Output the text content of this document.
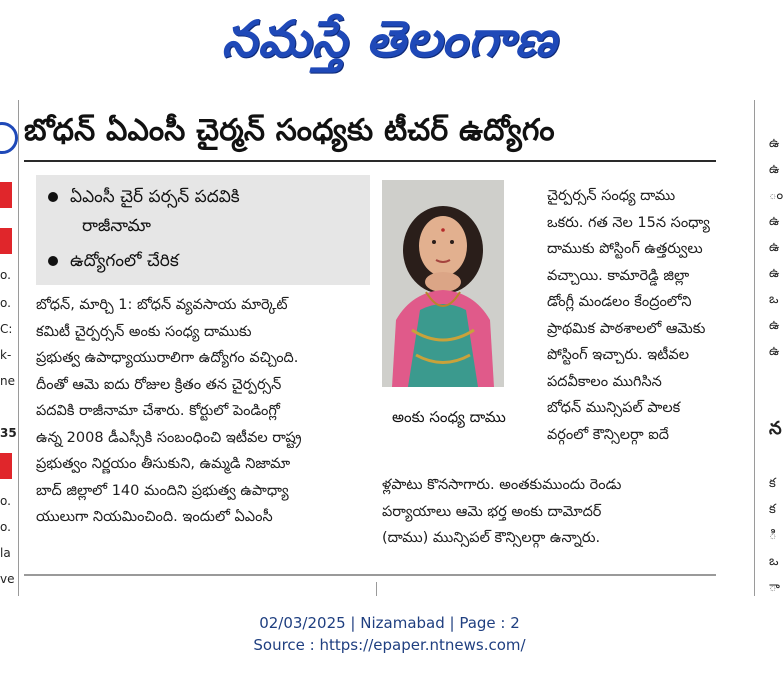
నమస్తే తెలంగాణ
o.
o.
C:
k-
ne
35
o.
o.
la
ve
బోధన్ ఏఎంసీ చైర్మన్ సంధ్యకు టీచర్ ఉద్యోగం
ఏఎంసీ చైర్ పర్సన్ పదవికి
రాజీనామా
ఉద్యోగంలో చేరిక
అంకు సంధ్య దాము
బోధన్, మార్చి 1: బోధన్ వ్యవసాయ మార్కెట్
కమిటీ చైర్పర్సన్ అంకు సంధ్య దాముకు
ప్రభుత్వ ఉపాధ్యాయురాలిగా ఉద్యోగం వచ్చింది.
దీంతో ఆమె ఐదు రోజుల క్రితం తన చైర్పర్సన్
పదవికి రాజీనామా చేశారు. కోర్టులో పెండింగ్లో
ఉన్న 2008 డీఎస్సీకి సంబంధించి ఇటీవల రాష్ట్ర
ప్రభుత్వం నిర్ణయం తీసుకుని, ఉమ్మడి నిజామా
బాద్ జిల్లాలో 140 మందిని ప్రభుత్వ ఉపాధ్యా
యులుగా నియమించింది. ఇందులో ఏఎంసీ
చైర్పర్సన్ సంధ్య దాము
ఒకరు. గత నెల 15న సంధ్యా
దాముకు పోస్టింగ్ ఉత్తర్వులు
వచ్చాయి. కామారెడ్డి జిల్లా
డోంగ్లీ మండలం కేంద్రంలోని
ప్రాథమిక పాఠశాలలో ఆమెకు
పోస్టింగ్ ఇచ్చారు. ఇటీవల
పదవీకాలం ముగిసిన
బోధన్ మున్సిపల్ పాలక
వర్గంలో కౌన్సిలర్గా ఐదే
ళ్లపాటు కొనసాగారు. అంతకుముందు రెండు
పర్యాయాలు ఆమె భర్త అంకు దామోదర్
(దాము) మున్సిపల్ కౌన్సిలర్గా ఉన్నారు.
ఉ
ఉ
ం
ఉ
ఉ
ఉ
ఒ
ఉ
ఉ
న
క
క
ి
ఒ
ా
02/03/2025 | Nizamabad | Page : 2
Source : https://epaper.ntnews.com/
